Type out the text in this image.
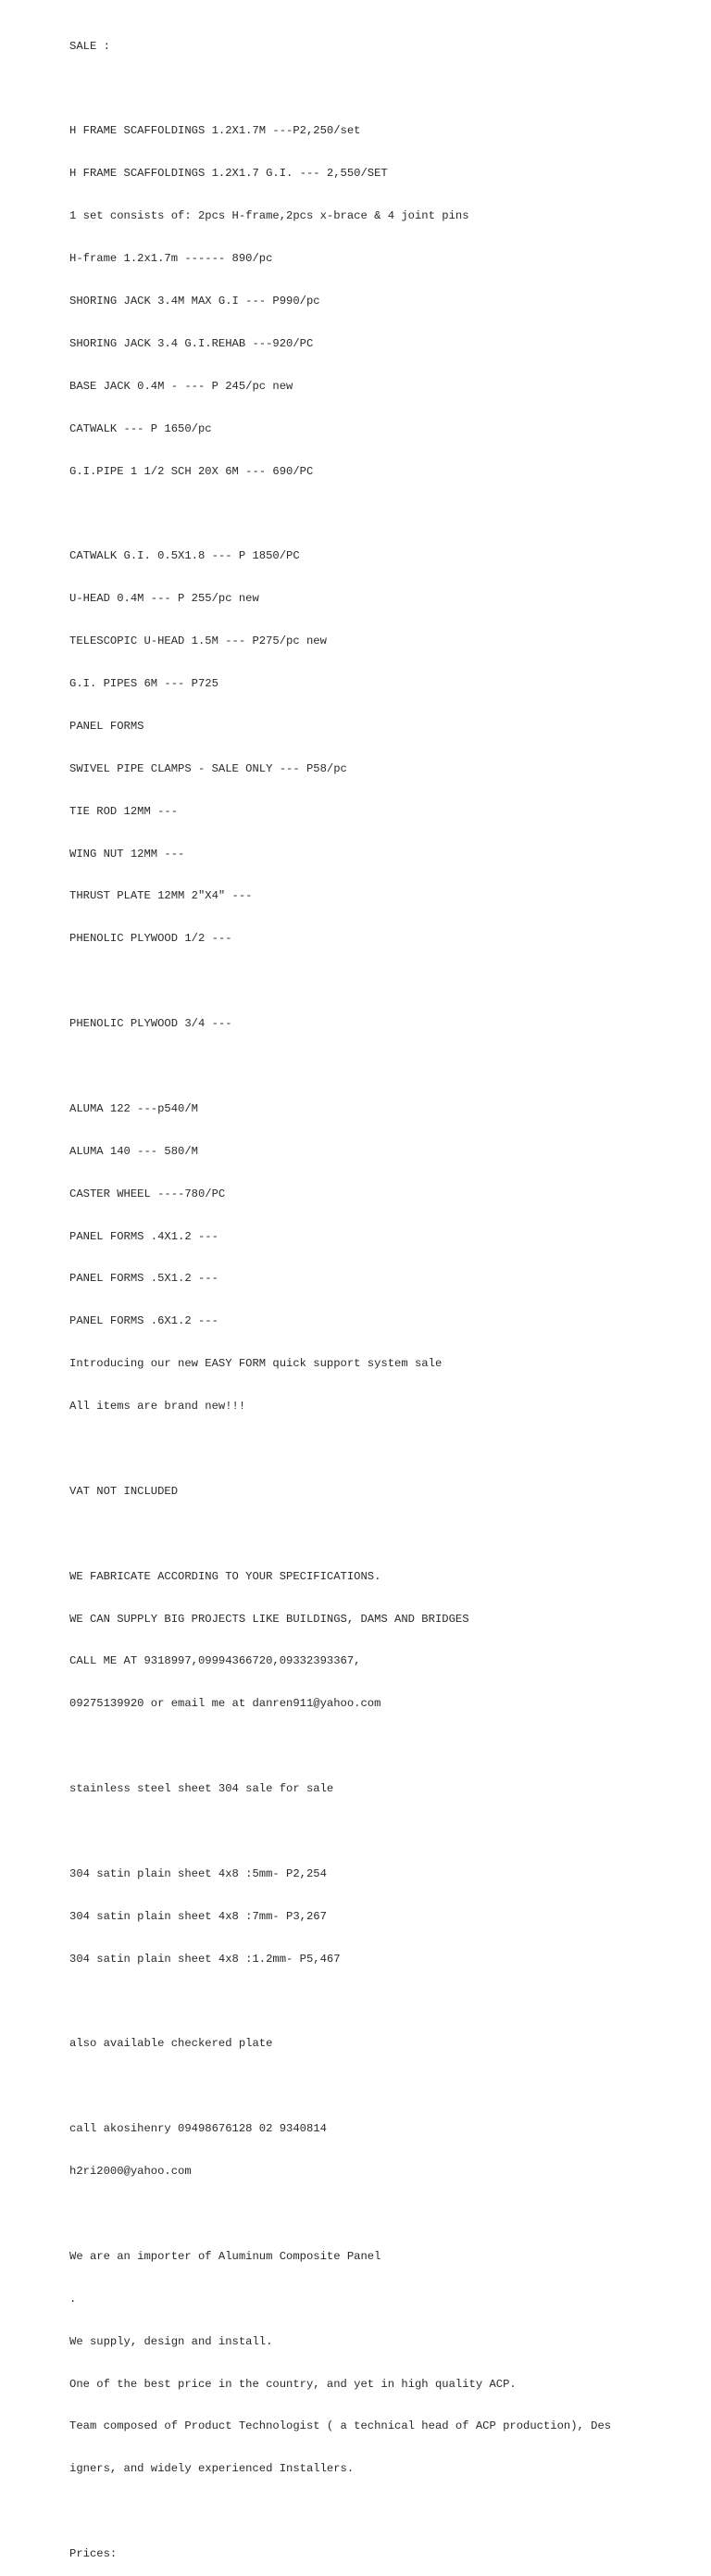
SALE :

H FRAME SCAFFOLDINGS 1.2X1.7M ---P2,250/set

H FRAME SCAFFOLDINGS 1.2X1.7 G.I. --- 2,550/SET

1 set consists of: 2pcs H-frame,2pcs x-brace & 4 joint pins

H-frame 1.2x1.7m ------ 890/pc

SHORING JACK 3.4M MAX G.I --- P990/pc

SHORING JACK 3.4 G.I.REHAB ---920/PC

BASE JACK 0.4M - --- P 245/pc new

CATWALK --- P 1650/pc

G.I.PIPE 1 1/2 SCH 20X 6M --- 690/PC

CATWALK G.I. 0.5X1.8 --- P 1850/PC

U-HEAD 0.4M --- P 255/pc new

TELESCOPIC U-HEAD 1.5M --- P275/pc new

G.I. PIPES 6M --- P725

PANEL FORMS

SWIVEL PIPE CLAMPS - SALE ONLY --- P58/pc

TIE ROD 12MM ---

WING NUT 12MM ---

THRUST PLATE 12MM 2"X4" ---

PHENOLIC PLYWOOD 1/2 ---

PHENOLIC PLYWOOD 3/4 ---

ALUMA 122 ---p540/M

ALUMA 140 --- 580/M

CASTER WHEEL ----780/PC

PANEL FORMS .4X1.2 ---

PANEL FORMS .5X1.2 ---

PANEL FORMS .6X1.2 ---

Introducing our new EASY FORM quick support system sale

All items are brand new!!!

VAT NOT INCLUDED

WE FABRICATE ACCORDING TO YOUR SPECIFICATIONS.

WE CAN SUPPLY BIG PROJECTS LIKE BUILDINGS, DAMS AND BRIDGES

CALL ME AT 9318997,09994366720,09332393367,

09275139920 or email me at danren911@yahoo.com

stainless steel sheet 304 sale for sale

304 satin plain sheet 4x8 :5mm- P2,254

304 satin plain sheet 4x8 :7mm- P3,267

304 satin plain sheet 4x8 :1.2mm- P5,467

also available checkered plate

call akosihenry 09498676128 02 9340814

h2ri2000@yahoo.com

We are an importer of Aluminum Composite Panel

.

We supply, design and install.

One of the best price in the country, and yet in high quality ACP.

Team composed of Product Technologist ( a technical head of ACP production), Des

igners, and widely experienced Installers.

Prices:
